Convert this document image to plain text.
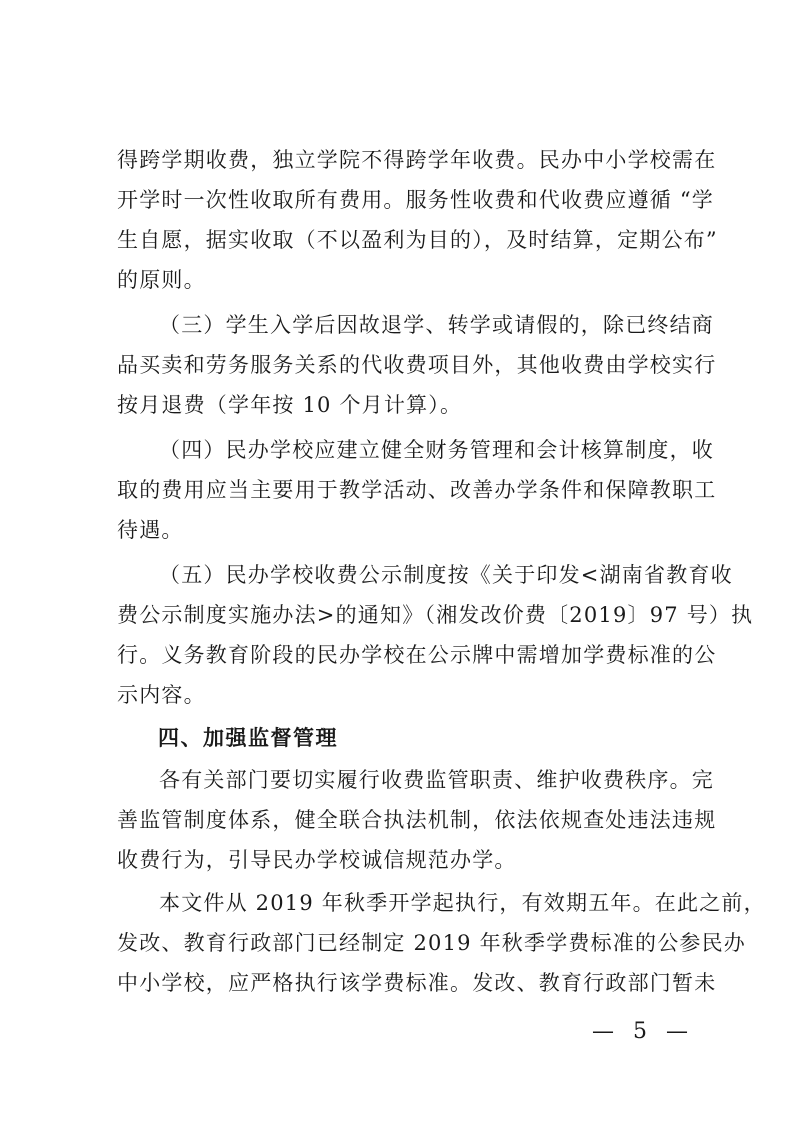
得跨学期收费，独立学院不得跨学年收费。民办中小学校需在
开学时一次性收取所有费用。服务性收费和代收费应遵循 “学
生自愿，据实收取（不以盈利为目的），及时结算，定期公布”
的原则。
（三）学生入学后因故退学、转学或请假的，除已终结商
品买卖和劳务服务关系的代收费项目外，其他收费由学校实行
按月退费（学年按 10 个月计算）。
（四）民办学校应建立健全财务管理和会计核算制度，收
取的费用应当主要用于教学活动、改善办学条件和保障教职工
待遇。
（五）民办学校收费公示制度按《关于印发<湖南省教育收
费公示制度实施办法>的通知》（湘发改价费〔2019〕97 号）执
行。义务教育阶段的民办学校在公示牌中需增加学费标准的公
示内容。
四、加强监督管理
各有关部门要切实履行收费监管职责、维护收费秩序。完
善监管制度体系，健全联合执法机制，依法依规查处违法违规
收费行为，引导民办学校诚信规范办学。
本文件从 2019 年秋季开学起执行，有效期五年。在此之前，
发改、教育行政部门已经制定 2019 年秋季学费标准的公参民办
中小学校，应严格执行该学费标准。发改、教育行政部门暂未
— 5 —
